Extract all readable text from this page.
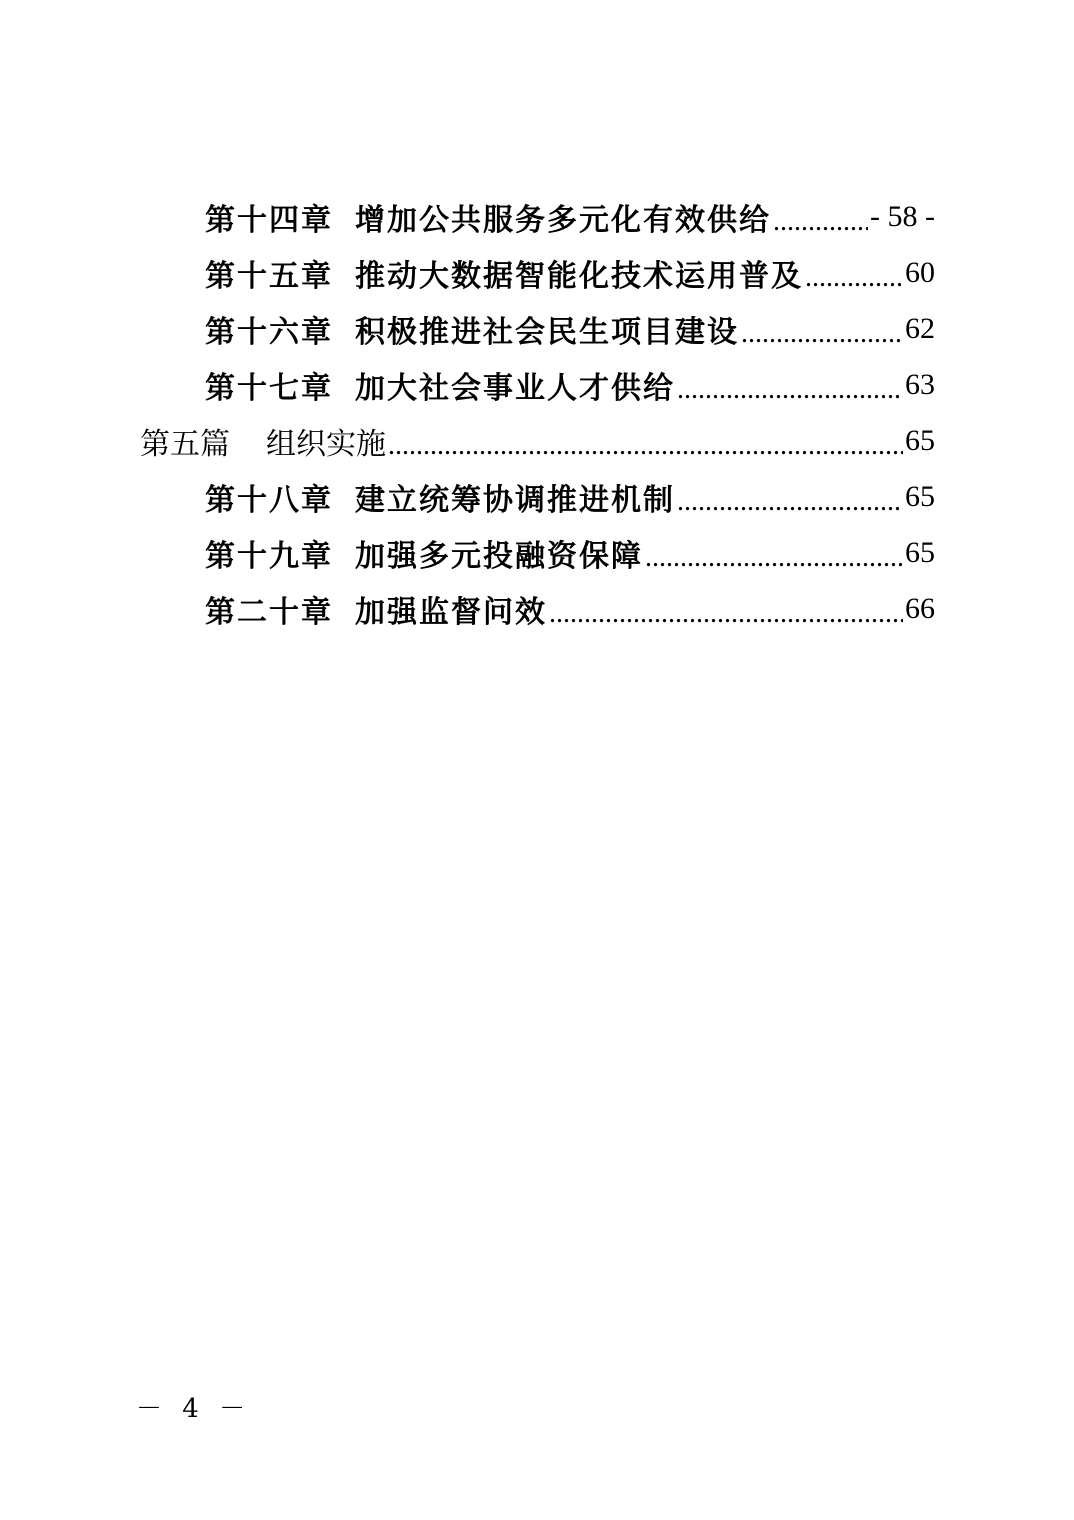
第十四章 增加公共服务多元化有效供给 .....	- 58 -
第十五章 推动大数据智能化技术运用普及 .....	60
第十六章 积极推进社会民生项目建设 .....	62
第十七章 加大社会事业人才供给 .....	63
第五篇 组织实施 .....	65
第十八章 建立统筹协调推进机制 .....	65
第十九章 加强多元投融资保障 .....	65
第二十章 加强监督问效 .....	66
－ 4 －
